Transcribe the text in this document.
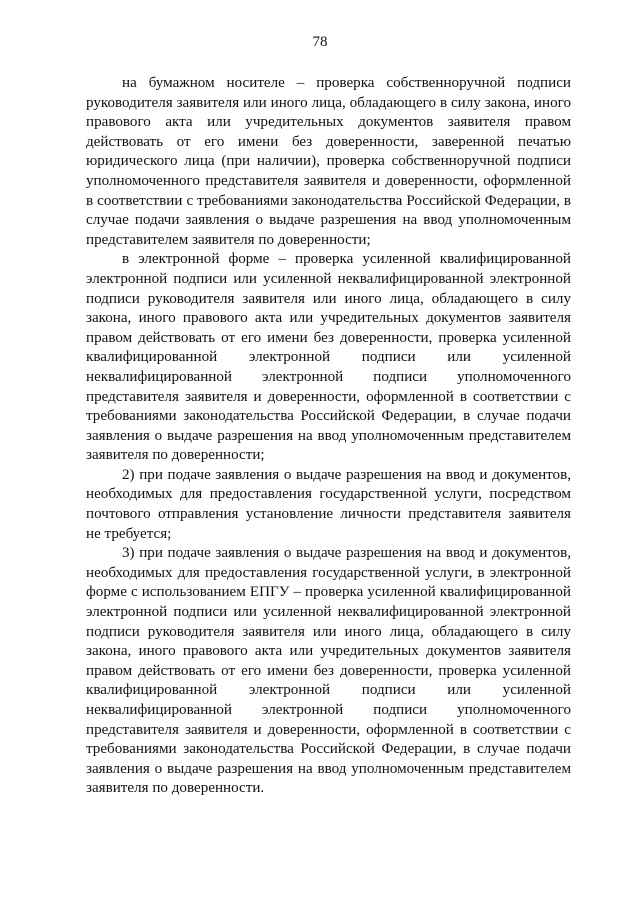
78

на бумажном носителе – проверка собственноручной подписи руководителя заявителя или иного лица, обладающего в силу закона, иного правового акта или учредительных документов заявителя правом действовать от его имени без доверенности, заверенной печатью юридического лица (при наличии), проверка собственноручной подписи уполномоченного представителя заявителя и доверенности, оформленной в соответствии с требованиями законодательства Российской Федерации, в случае подачи заявления о выдаче разрешения на ввод уполномоченным представителем заявителя по доверенности;

в электронной форме – проверка усиленной квалифицированной электронной подписи или усиленной неквалифицированной электронной подписи руководителя заявителя или иного лица, обладающего в силу закона, иного правового акта или учредительных документов заявителя правом действовать от его имени без доверенности, проверка усиленной квалифицированной электронной подписи или усиленной неквалифицированной электронной подписи уполномоченного представителя заявителя и доверенности, оформленной в соответствии с требованиями законодательства Российской Федерации, в случае подачи заявления о выдаче разрешения на ввод уполномоченным представителем заявителя по доверенности;

2) при подаче заявления о выдаче разрешения на ввод и документов, необходимых для предоставления государственной услуги, посредством почтового отправления установление личности представителя заявителя не требуется;

3) при подаче заявления о выдаче разрешения на ввод и документов, необходимых для предоставления государственной услуги, в электронной форме с использованием ЕПГУ – проверка усиленной квалифицированной электронной подписи или усиленной неквалифицированной электронной подписи руководителя заявителя или иного лица, обладающего в силу закона, иного правового акта или учредительных документов заявителя правом действовать от его имени без доверенности, проверка усиленной квалифицированной электронной подписи или усиленной неквалифицированной электронной подписи уполномоченного представителя заявителя и доверенности, оформленной в соответствии с требованиями законодательства Российской Федерации, в случае подачи заявления о выдаче разрешения на ввод уполномоченным представителем заявителя по доверенности.
